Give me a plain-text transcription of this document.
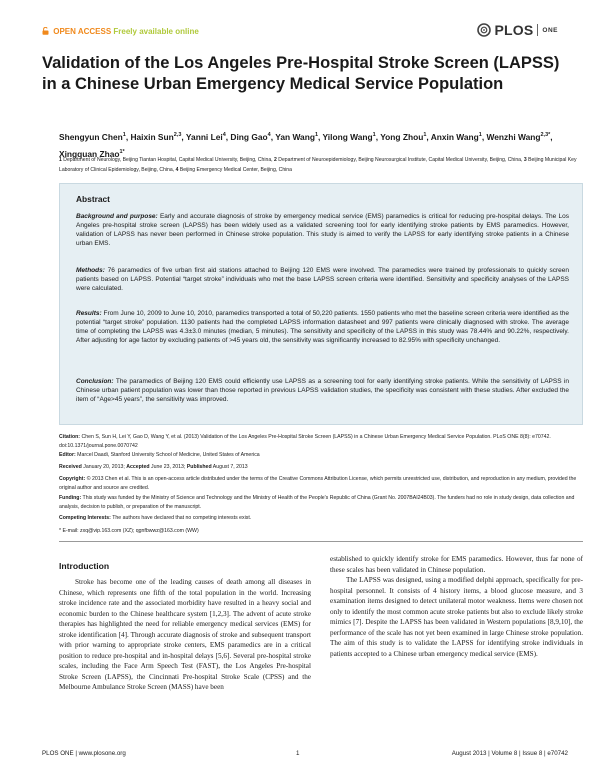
OPEN ACCESS Freely available online	PLOS ONE
Validation of the Los Angeles Pre-Hospital Stroke Screen (LAPSS) in a Chinese Urban Emergency Medical Service Population
Shengyun Chen$^1$, Haixin Sun$^{2,3}$, Yanni Lei$^4$, Ding Gao$^4$, Yan Wang$^1$, Yilong Wang$^1$, Yong Zhou$^1$, Anxin Wang$^1$, Wenzhi Wang$^{2,3*}$, Xingquan Zhao$^{1*}$
1 Department of Neurology, Beijing Tiantan Hospital, Capital Medical University, Beijing, China, 2 Department of Neuroepidemiology, Beijing Neurosurgical Institute, Capital Medical University, Beijing, China, 3 Beijing Municipal Key Laboratory of Clinical Epidemiology, Beijing, China, 4 Beijing Emergency Medical Center, Beijing, China
Abstract

Background and purpose: Early and accurate diagnosis of stroke by emergency medical service (EMS) paramedics is critical for reducing pre-hospital delays. The Los Angeles pre-hospital stroke screen (LAPSS) has been widely used as a validated screening tool for early identifying stroke patients by EMS paramedics. However, validation of LAPSS has never been performed in Chinese stroke population. This study is aimed to verify the LAPSS for early identifying stroke patients in a Chinese urban EMS.

Methods: 76 paramedics of five urban first aid stations attached to Beijing 120 EMS were involved. The paramedics were trained by professionals to quickly screen patients based on LAPSS. Potential “target stroke” individuals who met the base LAPSS screen criteria were identified. Sensitivity and specificity analyses of the LAPSS were calculated.

Results: From June 10, 2009 to June 10, 2010, paramedics transported a total of 50,220 patients. 1550 patients who met the baseline screen criteria were identified as the potential “target stroke” population. 1130 patients had the completed LAPSS information datasheet and 997 patients were clinically diagnosed with stroke. The average time of completing the LAPSS was 4.3±3.0 minutes (median, 5 minutes). The sensitivity and specificity of the LAPSS in this study was 78.44% and 90.22%, respectively. After adjusting for age factor by excluding patients of >45 years old, the sensitivity was significantly increased to 82.95% with specificity unchanged.

Conclusion: The paramedics of Beijing 120 EMS could efficiently use LAPSS as a screening tool for early identifying stroke patients. While the sensitivity of LAPSS in Chinese urban patient population was lower than those reported in previous LAPSS validation studies, the specificity was consistent with these studies. After excluded the item of “Age>45 years”, the sensitivity was improved.

Citation: Chen S, Sun H, Lei Y, Gao D, Wang Y, et al. (2013) Validation of the Los Angeles Pre-Hospital Stroke Screen (LAPSS) in a Chinese Urban Emergency Medical Service Population. PLoS ONE 8(8): e70742. doi:10.1371/journal.pone.0070742

Editor: Marcel Daadi, Stanford University School of Medicine, United States of America

Received January 20, 2013; Accepted June 23, 2013; Published August 7, 2013

Copyright: © 2013 Chen et al. This is an open-access article distributed under the terms of the Creative Commons Attribution License, which permits unrestricted use, distribution, and reproduction in any medium, provided the original author and source are credited.

Funding: This study was funded by the Ministry of Science and Technology and the Ministry of Health of the People's Republic of China (Grant No. 2007BAI24B03). The funders had no role in study design, data collection and analysis, decision to publish, or preparation of the manuscript.

Competing Interests: The authors have declared that no competing interests exist.

* E-mail: zxq@vip.163.com (XZ); qgnfbwwz@163.com (WW)

Introduction

Stroke has become one of the leading causes of death among all diseases in Chinese, which represents one fifth of the total population in the world. Increasing stroke incidence rate and the associated morbidity have resulted in a heavy social and economic burden to the Chinese healthcare system [1,2,3]. The advent of acute stroke therapies has highlighted the need for reliable emergency medical services (EMS) for stroke identification [4]. Through accurate diagnosis of stroke and subsequent transport with prior warning to appropriate stroke centers, EMS paramedics are in a critical position to reduce pre-hospital and in-hospital delays [5,6]. Several pre-hospital stroke scales, including the Face Arm Speech Test (FAST), the Los Angeles Pre-hospital Stroke Screen (LAPSS), the Cincinnati Pre-hospital Stroke Scale (CPSS) and the Melbourne Ambulance Stroke Screen (MASS) have been

established to quickly identify stroke for EMS paramedics. However, thus far none of these scales has been validated in Chinese population.

The LAPSS was designed, using a modified delphi approach, specifically for pre-hospital personnel. It consists of 4 history items, a blood glucose measure, and 3 examination items designed to detect unilateral motor weakness. Items were chosen not only to identify the most common acute stroke patients but also to exclude likely stroke mimics [7]. Despite the LAPSS has been validated in Western populations [8,9,10], the performance of the scale has not yet been examined in large Chinese stroke population. The aim of this study is to validate the LAPSS for identifying stroke individuals in patients accepted to a Chinese urban emergency medical service (EMS).

PLOS ONE | www.plosone.org	1	August 2013 | Volume 8 | Issue 8 | e70742
